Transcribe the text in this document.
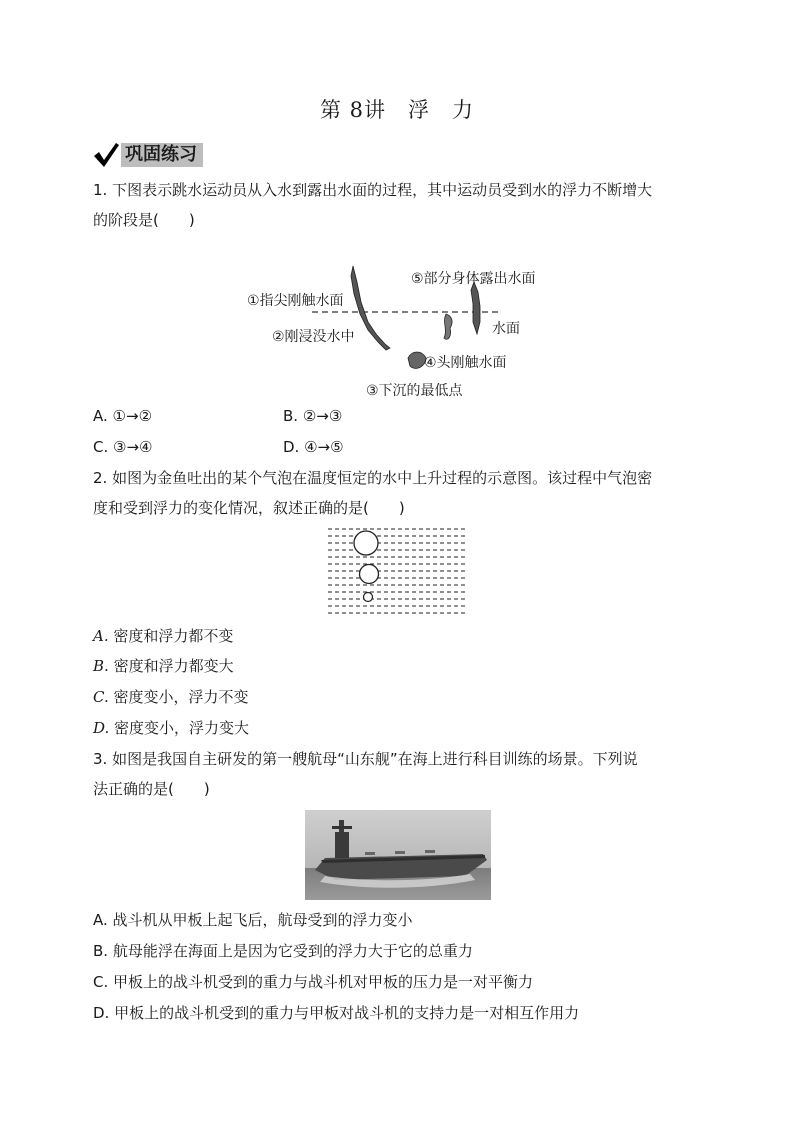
第 8讲　浮　力
巩固练习
1. 下图表示跳水运动员从入水到露出水面的过程，其中运动员受到水的浮力不断增大
的阶段是(　　)
①指尖刚触水面
②刚浸没水中
③下沉的最低点
④头刚触水面
⑤部分身体露出水面
水面
A. ①→②	B. ②→③
C. ③→④	D. ④→⑤
2. 如图为金鱼吐出的某个气泡在温度恒定的水中上升过程的示意图。该过程中气泡密
度和受到浮力的变化情况，叙述正确的是(　　)
A. 密度和浮力都不变
B. 密度和浮力都变大
C. 密度变小，浮力不变
D. 密度变小，浮力变大
3. 如图是我国自主研发的第一艘航母“山东舰”在海上进行科目训练的场景。下列说
法正确的是(　　)
A. 战斗机从甲板上起飞后，航母受到的浮力变小
B. 航母能浮在海面上是因为它受到的浮力大于它的总重力
C. 甲板上的战斗机受到的重力与战斗机对甲板的压力是一对平衡力
D. 甲板上的战斗机受到的重力与甲板对战斗机的支持力是一对相互作用力
